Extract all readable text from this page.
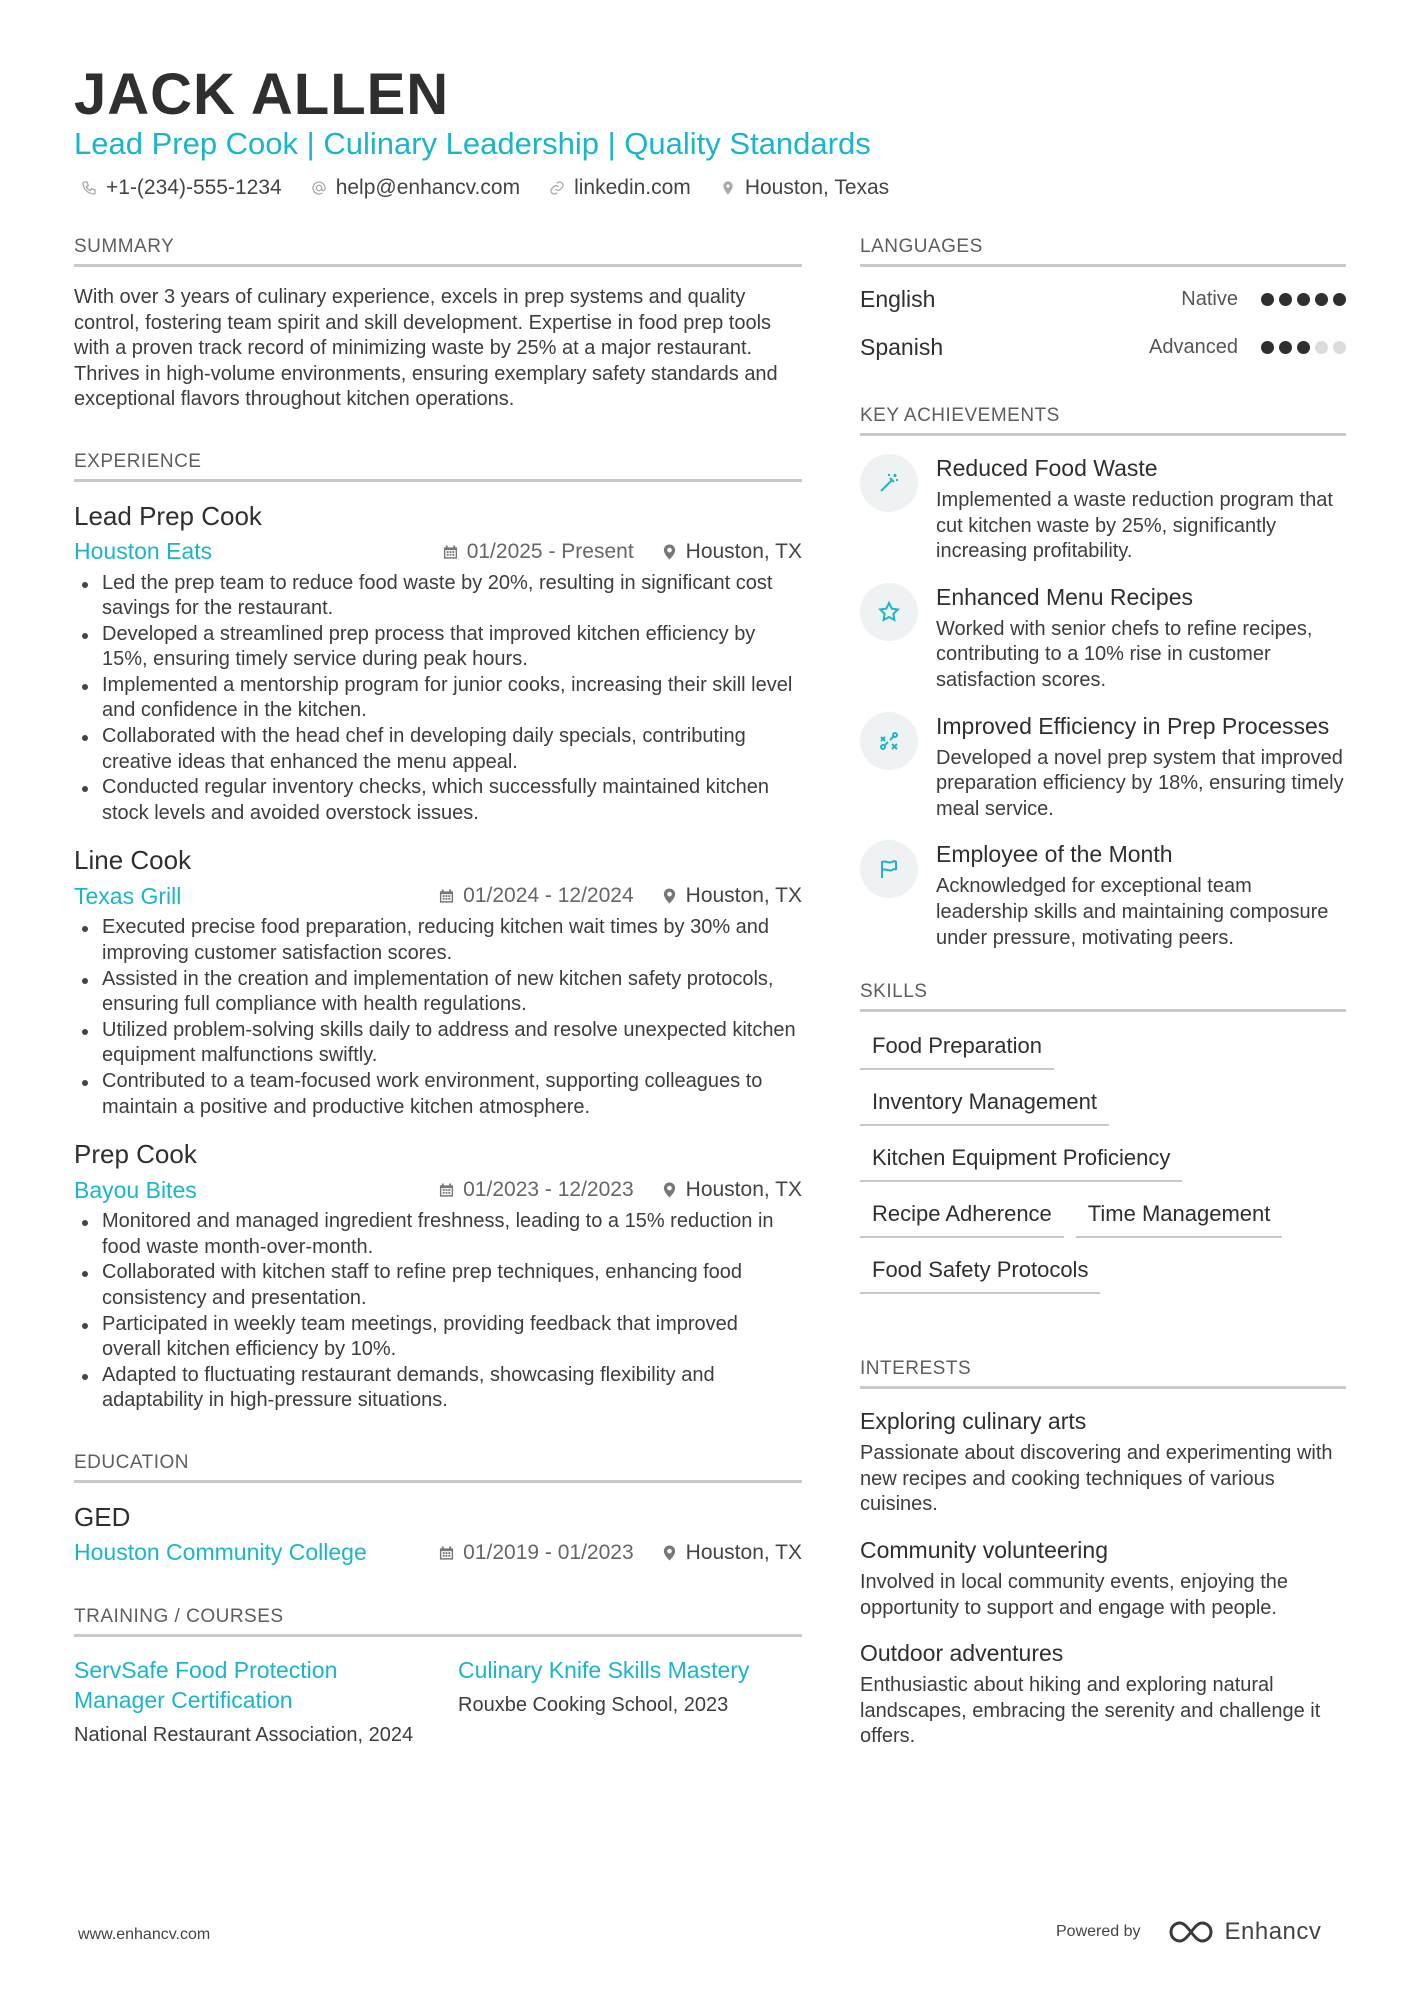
JACK ALLEN
Lead Prep Cook | Culinary Leadership | Quality Standards
+1-(234)-555-1234	help@enhancv.com	linkedin.com	Houston, Texas
SUMMARY
With over 3 years of culinary experience, excels in prep systems and quality control, fostering team spirit and skill development. Expertise in food prep tools with a proven track record of minimizing waste by 25% at a major restaurant. Thrives in high-volume environments, ensuring exemplary safety standards and exceptional flavors throughout kitchen operations.
EXPERIENCE
Lead Prep Cook
Houston Eats	01/2025 - Present Houston, TX
Led the prep team to reduce food waste by 20%, resulting in significant cost savings for the restaurant.
Developed a streamlined prep process that improved kitchen efficiency by 15%, ensuring timely service during peak hours.
Implemented a mentorship program for junior cooks, increasing their skill level and confidence in the kitchen.
Collaborated with the head chef in developing daily specials, contributing creative ideas that enhanced the menu appeal.
Conducted regular inventory checks, which successfully maintained kitchen stock levels and avoided overstock issues.
Line Cook
Texas Grill	01/2024 - 12/2024 Houston, TX
Executed precise food preparation, reducing kitchen wait times by 30% and improving customer satisfaction scores.
Assisted in the creation and implementation of new kitchen safety protocols, ensuring full compliance with health regulations.
Utilized problem-solving skills daily to address and resolve unexpected kitchen equipment malfunctions swiftly.
Contributed to a team-focused work environment, supporting colleagues to maintain a positive and productive kitchen atmosphere.
Prep Cook
Bayou Bites	01/2023 - 12/2023 Houston, TX
Monitored and managed ingredient freshness, leading to a 15% reduction in food waste month-over-month.
Collaborated with kitchen staff to refine prep techniques, enhancing food consistency and presentation.
Participated in weekly team meetings, providing feedback that improved overall kitchen efficiency by 10%.
Adapted to fluctuating restaurant demands, showcasing flexibility and adaptability in high-pressure situations.
EDUCATION
GED
Houston Community College	01/2019 - 01/2023 Houston, TX
TRAINING / COURSES
ServSafe Food Protection Manager Certification
National Restaurant Association, 2024
Culinary Knife Skills Mastery
Rouxbe Cooking School, 2023
LANGUAGES
English	Native
Spanish	Advanced
KEY ACHIEVEMENTS
Reduced Food Waste
Implemented a waste reduction program that cut kitchen waste by 25%, significantly increasing profitability.
Enhanced Menu Recipes
Worked with senior chefs to refine recipes, contributing to a 10% rise in customer satisfaction scores.
Improved Efficiency in Prep Processes
Developed a novel prep system that improved preparation efficiency by 18%, ensuring timely meal service.
Employee of the Month
Acknowledged for exceptional team leadership skills and maintaining composure under pressure, motivating peers.
SKILLS
Food Preparation
Inventory Management
Kitchen Equipment Proficiency
Recipe Adherence	Time Management
Food Safety Protocols
INTERESTS
Exploring culinary arts
Passionate about discovering and experimenting with new recipes and cooking techniques of various cuisines.
Community volunteering
Involved in local community events, enjoying the opportunity to support and engage with people.
Outdoor adventures
Enthusiastic about hiking and exploring natural landscapes, embracing the serenity and challenge it offers.
www.enhancv.com	Powered by	Enhancv
